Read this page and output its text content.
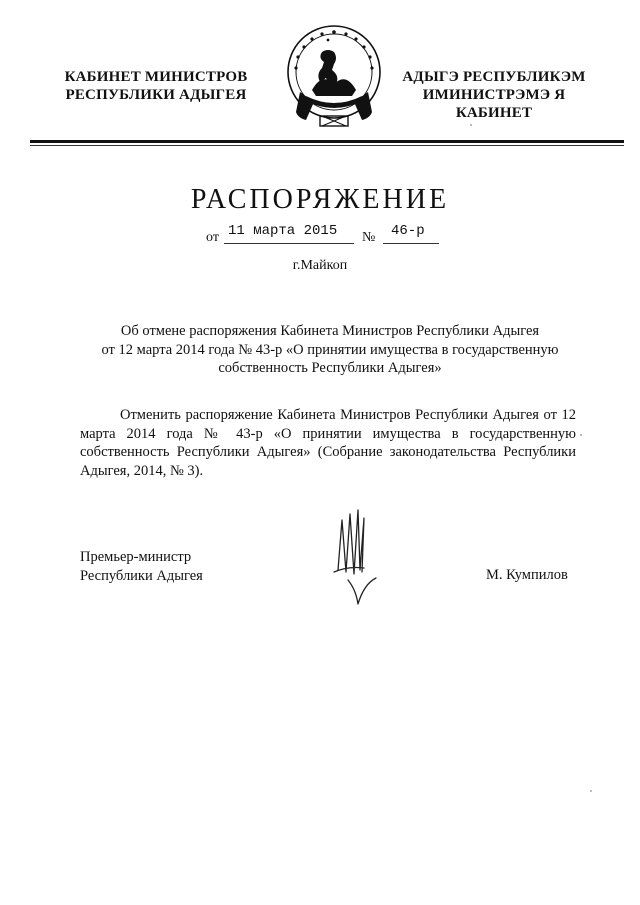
КАБИНЕТ МИНИСТРОВ
РЕСПУБЛИКИ АДЫГЕЯ
АДЫГЭ РЕСПУБЛИКЭМ
ИМИНИСТРЭМЭ Я КАБИНЕТ
РАСПОРЯЖЕНИЕ
от 11 марта 2015 № 46-р
г.Майкоп
Об отмене распоряжения Кабинета Министров Республики Адыгея
от 12 марта 2014 года № 43-р «О принятии имущества в государственную
собственность Республики Адыгея»
Отменить распоряжение Кабинета Министров Республики Адыгея от 12 марта 2014 года № 43-р «О принятии имущества в государственную собственность Республики Адыгея» (Собрание законодательства Республики Адыгея, 2014, № 3).
Премьер-министр
Республики Адыгея	М. Кумпилов
